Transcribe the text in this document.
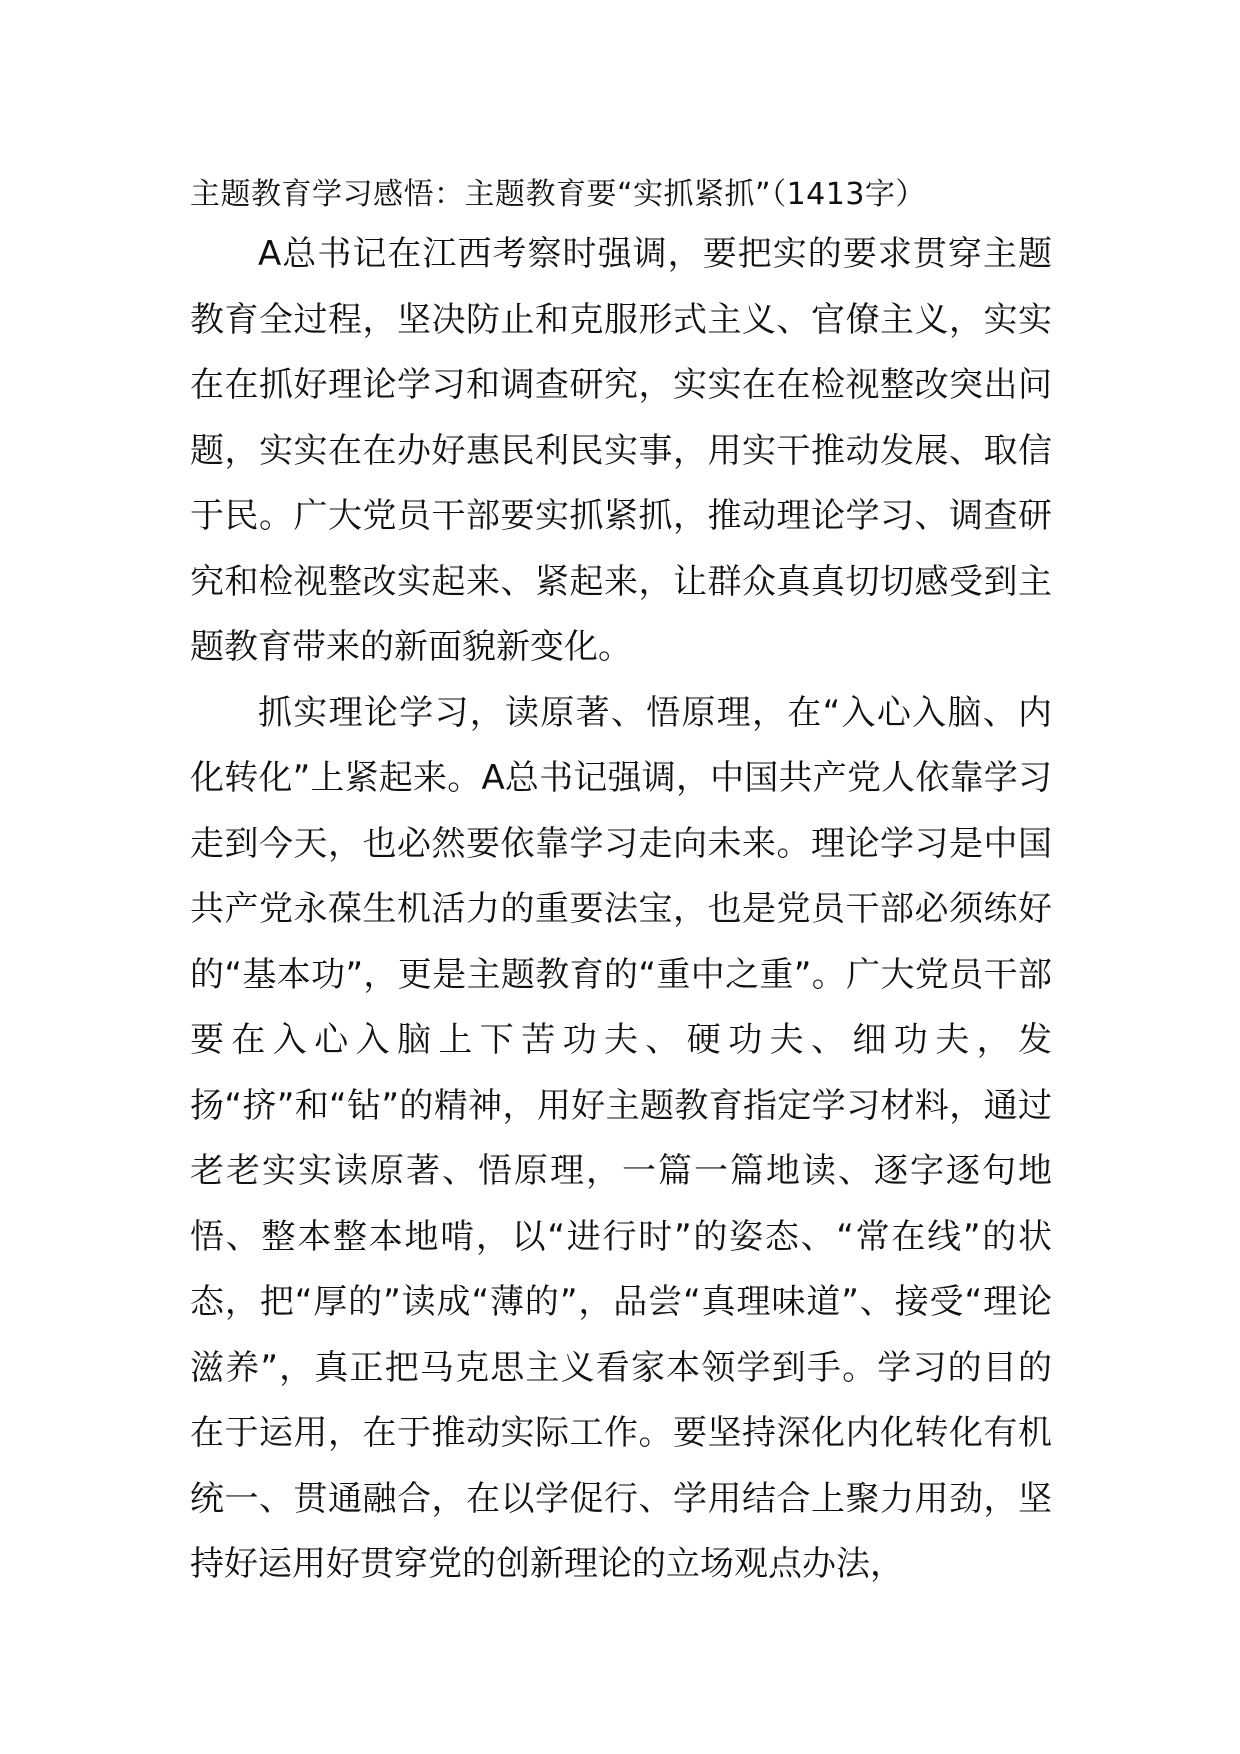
主题教育学习感悟：主题教育要“实抓紧抓”（1413字）

A总书记在江西考察时强调，要把实的要求贯穿主题教育全过程，坚决防止和克服形式主义、官僚主义，实实在在抓好理论学习和调查研究，实实在在检视整改突出问题，实实在在办好惠民利民实事，用实干推动发展、取信于民。广大党员干部要实抓紧抓，推动理论学习、调查研究和检视整改实起来、紧起来，让群众真真切切感受到主题教育带来的新面貌新变化。

抓实理论学习，读原著、悟原理，在“入心入脑、内化转化”上紧起来。A总书记强调，中国共产党人依靠学习走到今天，也必然要依靠学习走向未来。理论学习是中国共产党永葆生机活力的重要法宝，也是党员干部必须练好的“基本功”，更是主题教育的“重中之重”。广大党员干部要在入心入脑上下苦功夫、硬功夫、细功夫，发扬“挤”和“钻”的精神，用好主题教育指定学习材料，通过老老实实读原著、悟原理，一篇一篇地读、逐字逐句地悟、整本整本地啃，以“进行时”的姿态、“常在线”的状态，把“厚的”读成“薄的”，品尝“真理味道”、接受“理论滋养”，真正把马克思主义看家本领学到手。学习的目的在于运用，在于推动实际工作。要坚持深化内化转化有机统一、贯通融合，在以学促行、学用结合上聚力用劲，坚持好运用好贯穿党的创新理论的立场观点办法，
